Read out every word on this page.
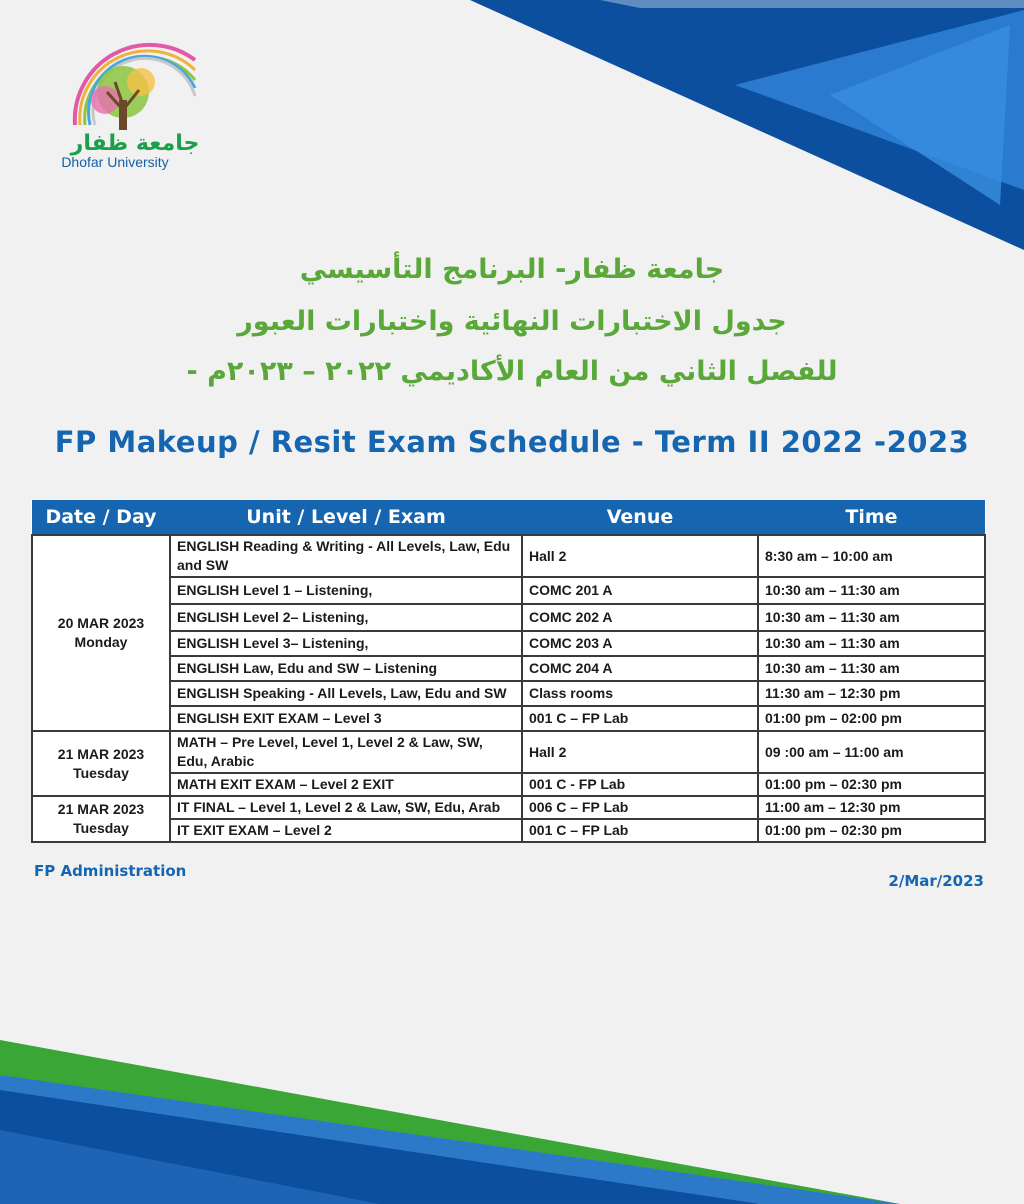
جامعة ظفار
Dhofar University
جامعة ظفار- البرنامج التأسيسي
جدول الاختبارات النهائية واختبارات العبور
للفصل الثاني من العام الأكاديمي ٢٠٢٢ – ٢٠٢٣م -
FP Makeup / Resit Exam Schedule - Term II 2022 -2023
Date / Day	Unit / Level / Exam	Venue	Time
20 MAR 2023
Monday	ENGLISH Reading & Writing - All Levels, Law, Edu and SW	Hall 2	8:30 am – 10:00 am
	ENGLISH Level 1 – Listening,	COMC 201 A	10:30 am – 11:30 am
	ENGLISH Level 2– Listening,	COMC 202 A	10:30 am – 11:30 am
	ENGLISH Level 3– Listening,	COMC 203 A	10:30 am – 11:30 am
	ENGLISH Law, Edu and SW – Listening	COMC 204 A	10:30 am – 11:30 am
	ENGLISH Speaking - All Levels, Law, Edu and SW	Class rooms	11:30 am – 12:30 pm
	ENGLISH EXIT EXAM – Level 3	001 C – FP Lab	01:00 pm – 02:00 pm
21 MAR 2023
Tuesday	MATH – Pre Level, Level 1, Level 2 & Law, SW, Edu, Arabic	Hall 2	09 :00 am – 11:00 am
	MATH EXIT EXAM – Level 2 EXIT	001 C - FP Lab	01:00 pm – 02:30 pm
21 MAR 2023
Tuesday	IT FINAL – Level 1, Level 2 & Law, SW, Edu, Arab	006 C – FP Lab	11:00 am – 12:30 pm
	IT EXIT EXAM – Level 2	001 C – FP Lab	01:00 pm – 02:30 pm
FP Administration
2/Mar/2023
